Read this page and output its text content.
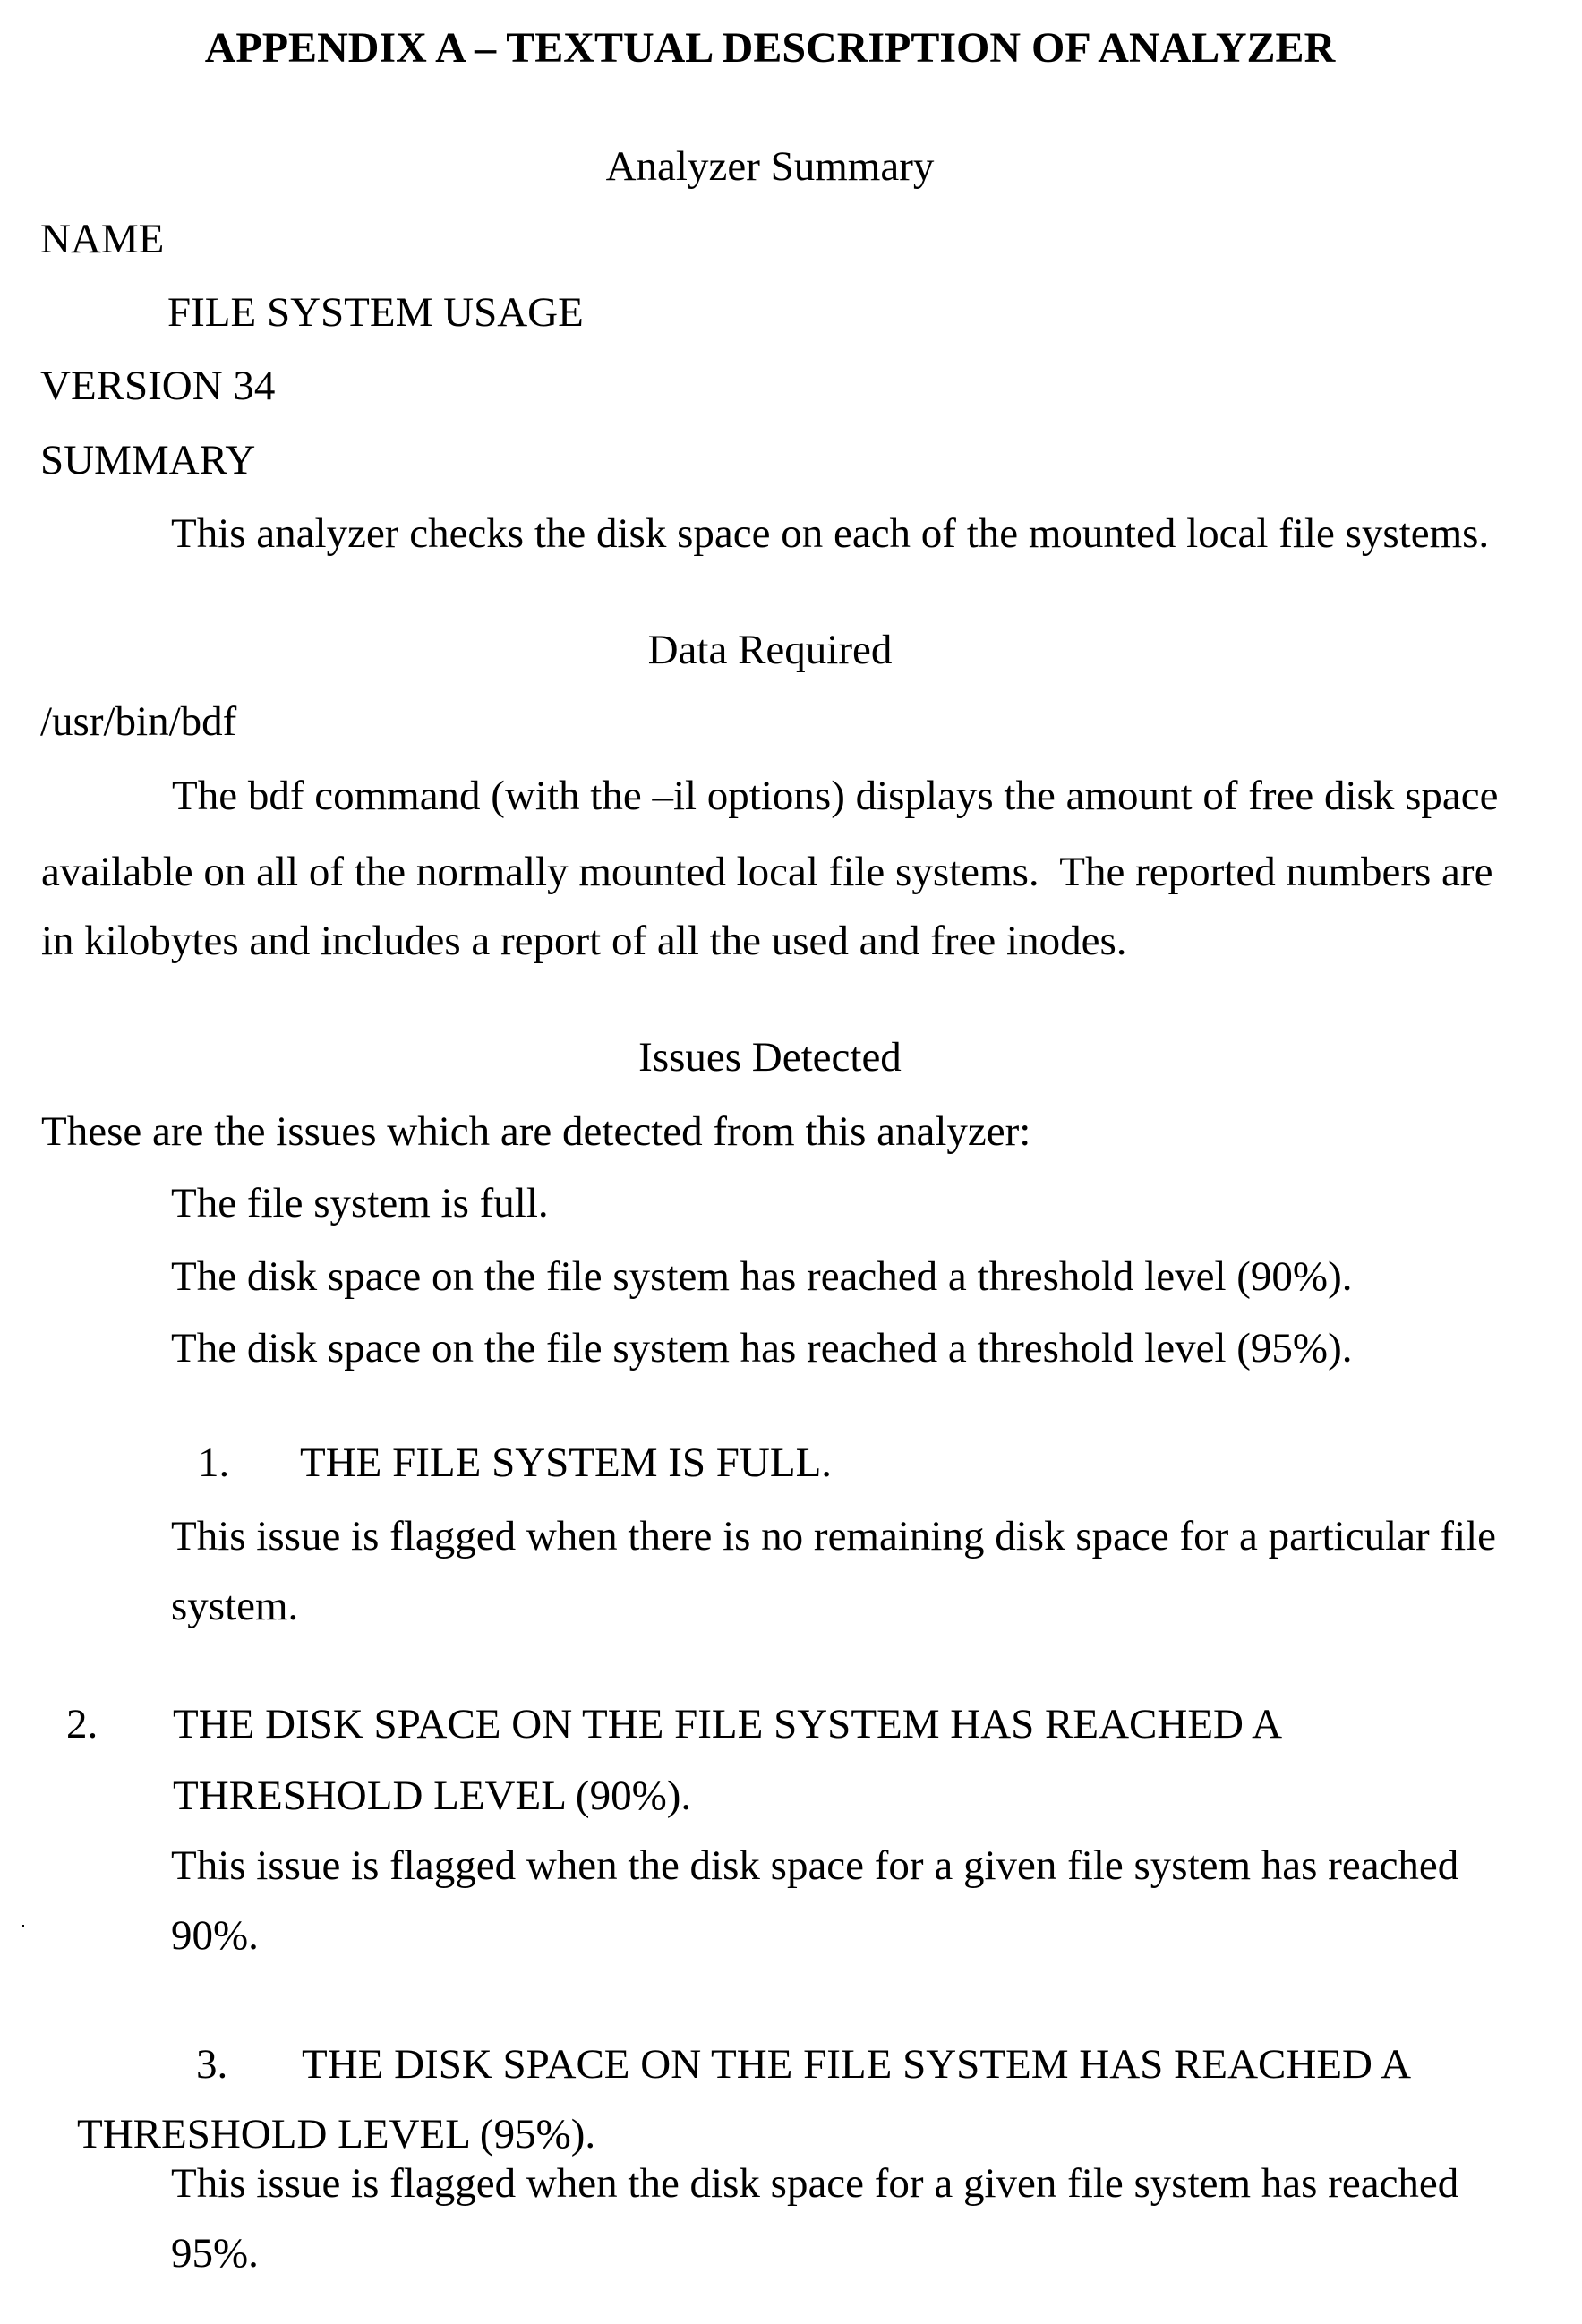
APPENDIX A – TEXTUAL DESCRIPTION OF ANALYZER
Analyzer Summary
NAME
FILE SYSTEM USAGE
VERSION 34
SUMMARY
This analyzer checks the disk space on each of the mounted local file systems.
Data Required
/usr/bin/bdf
The bdf command (with the –il options) displays the amount of free disk space
available on all of the normally mounted local file systems.  The reported numbers are
in kilobytes and includes a report of all the used and free inodes.
Issues Detected
These are the issues which are detected from this analyzer:
The file system is full.
The disk space on the file system has reached a threshold level (90%).
The disk space on the file system has reached a threshold level (95%).
1. THE FILE SYSTEM IS FULL.
This issue is flagged when there is no remaining disk space for a particular file
system.
2. THE DISK SPACE ON THE FILE SYSTEM HAS REACHED A
THRESHOLD LEVEL (90%).
This issue is flagged when the disk space for a given file system has reached
90%.
3. THE DISK SPACE ON THE FILE SYSTEM HAS REACHED A
THRESHOLD LEVEL (95%).
This issue is flagged when the disk space for a given file system has reached
95%.
